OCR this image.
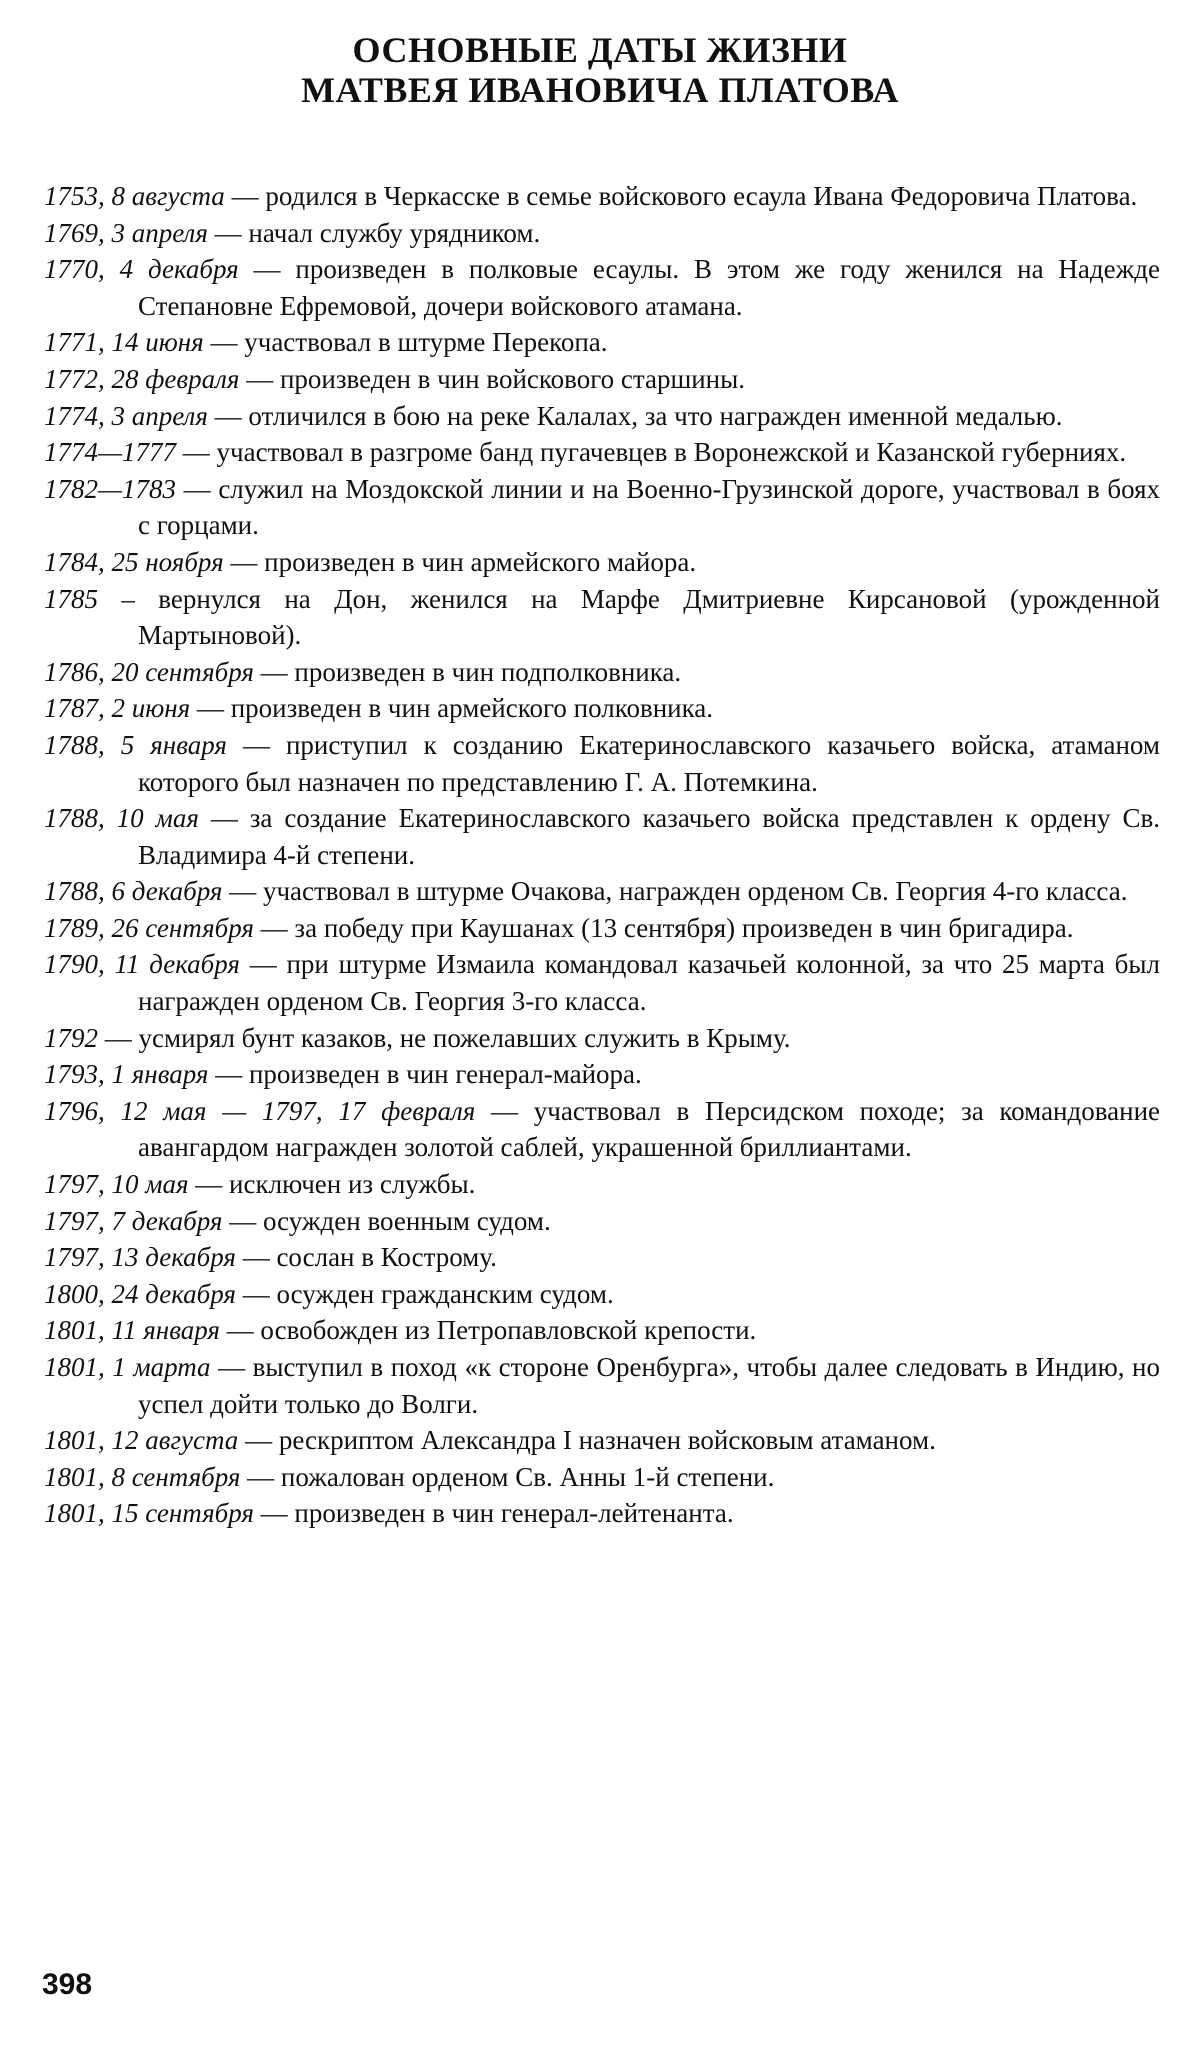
ОСНОВНЫЕ ДАТЫ ЖИЗНИ
МАТВЕЯ ИВАНОВИЧА ПЛАТОВА
1753, 8 августа — родился в Черкасске в семье войскового есаула Ивана Федоровича Платова.
1769, 3 апреля — начал службу урядником.
1770, 4 декабря — произведен в полковые есаулы. В этом же году женился на Надежде Степановне Ефремовой, дочери войскового атамана.
1771, 14 июня — участвовал в штурме Перекопа.
1772, 28 февраля — произведен в чин войскового старшины.
1774, 3 апреля — отличился в бою на реке Калалах, за что награжден именной медалью.
1774—1777 — участвовал в разгроме банд пугачевцев в Воронежской и Казанской губерниях.
1782—1783 — служил на Моздокской линии и на Военно-Грузинской дороге, участвовал в боях с горцами.
1784, 25 ноября — произведен в чин армейского майора.
1785 – вернулся на Дон, женился на Марфе Дмитриевне Кирсановой (урожденной Мартыновой).
1786, 20 сентября — произведен в чин подполковника.
1787, 2 июня — произведен в чин армейского полковника.
1788, 5 января — приступил к созданию Екатеринославского казачьего войска, атаманом которого был назначен по представлению Г. А. Потемкина.
1788, 10 мая — за создание Екатеринославского казачьего войска представлен к ордену Св. Владимира 4-й степени.
1788, 6 декабря — участвовал в штурме Очакова, награжден орденом Св. Георгия 4-го класса.
1789, 26 сентября — за победу при Каушанах (13 сентября) произведен в чин бригадира.
1790, 11 декабря — при штурме Измаила командовал казачьей колонной, за что 25 марта был награжден орденом Св. Георгия 3-го класса.
1792 — усмирял бунт казаков, не пожелавших служить в Крыму.
1793, 1 января — произведен в чин генерал-майора.
1796, 12 мая — 1797, 17 февраля — участвовал в Персидском походе; за командование авангардом награжден золотой саблей, украшенной бриллиантами.
1797, 10 мая — исключен из службы.
1797, 7 декабря — осужден военным судом.
1797, 13 декабря — сослан в Кострому.
1800, 24 декабря — осужден гражданским судом.
1801, 11 января — освобожден из Петропавловской крепости.
1801, 1 марта — выступил в поход «к стороне Оренбурга», чтобы далее следовать в Индию, но успел дойти только до Волги.
1801, 12 августа — рескриптом Александра I назначен войсковым атаманом.
1801, 8 сентября — пожалован орденом Св. Анны 1-й степени.
1801, 15 сентября — произведен в чин генерал-лейтенанта.
398
